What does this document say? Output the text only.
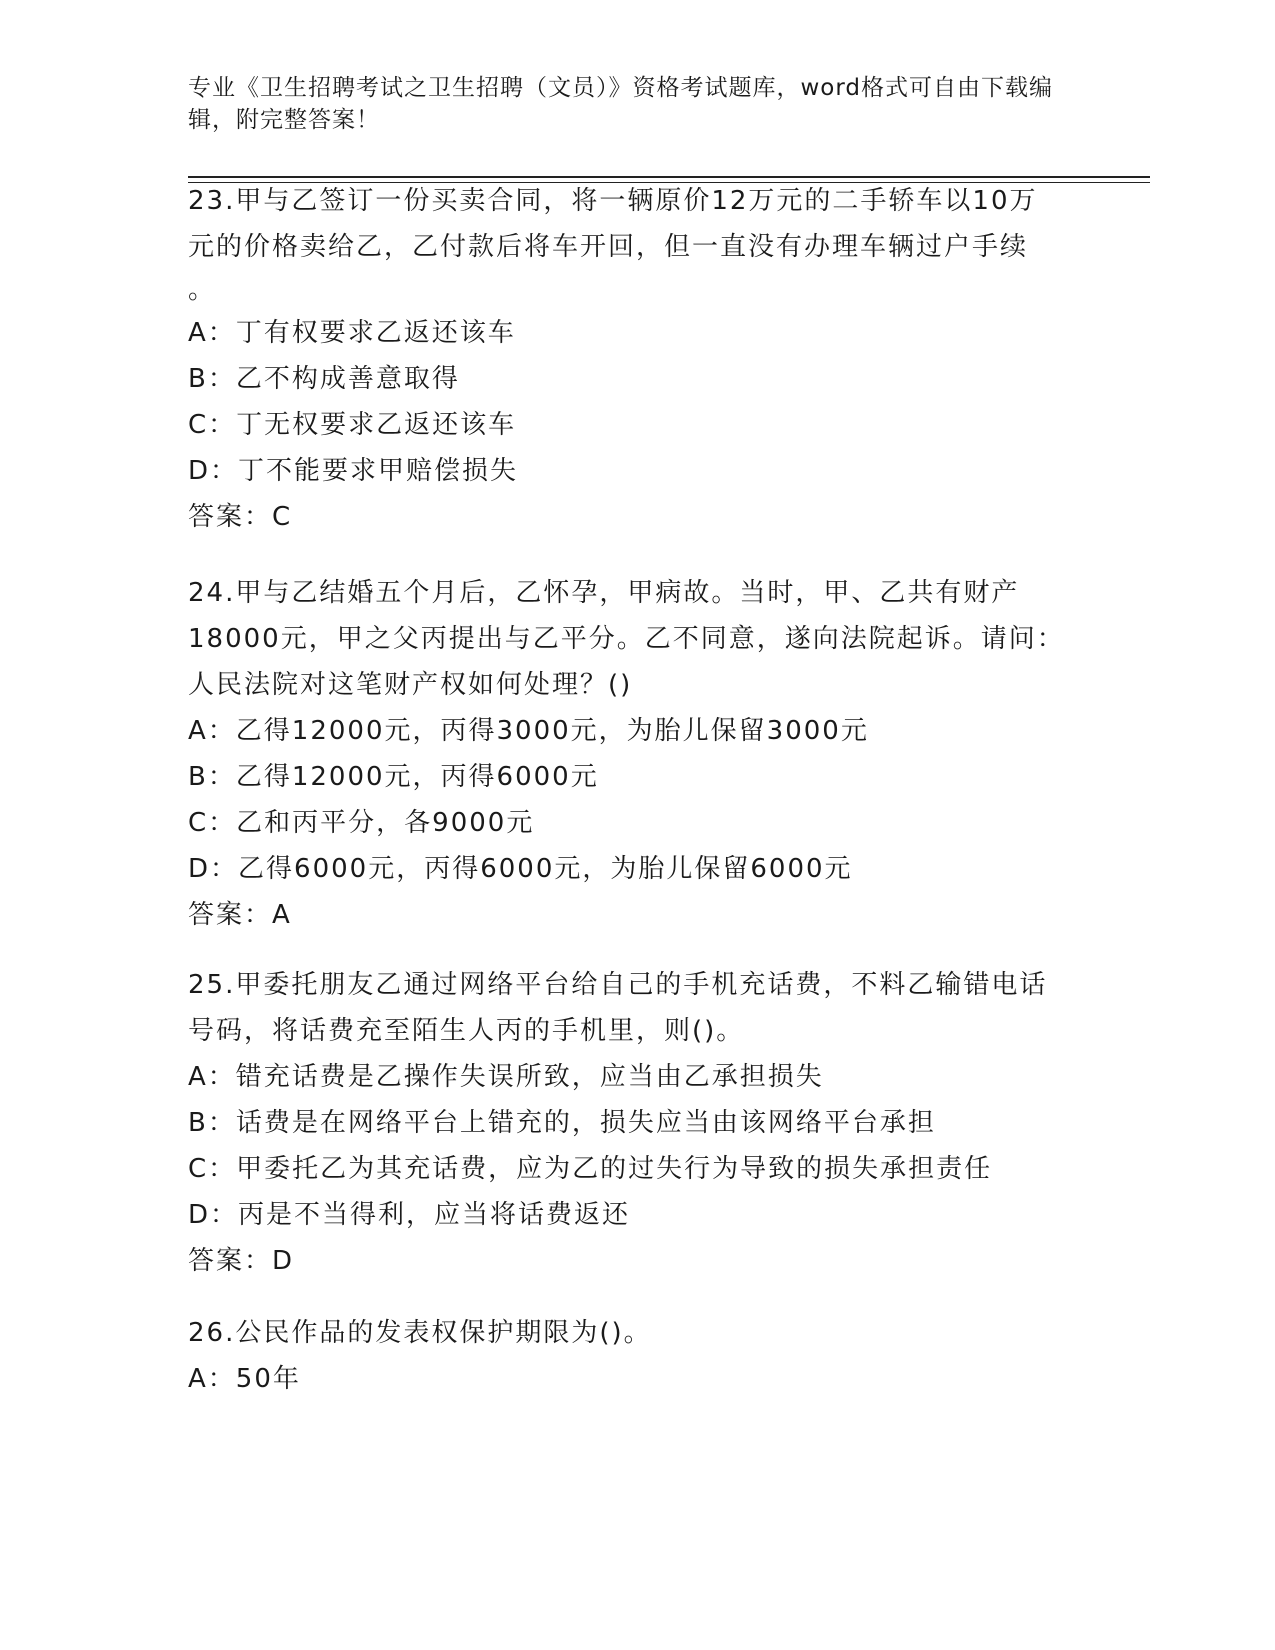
专业《卫生招聘考试之卫生招聘（文员）》资格考试题库，word格式可自由下载编辑，附完整答案！
23.甲与乙签订一份买卖合同，将一辆原价12万元的二手轿车以10万
元的价格卖给乙，乙付款后将车开回，但一直没有办理车辆过户手续
。
A：丁有权要求乙返还该车
B：乙不构成善意取得
C：丁无权要求乙返还该车
D：丁不能要求甲赔偿损失
答案：C
24.甲与乙结婚五个月后，乙怀孕，甲病故。当时，甲、乙共有财产
18000元，甲之父丙提出与乙平分。乙不同意，遂向法院起诉。请问：
人民法院对这笔财产权如何处理？()
A：乙得12000元，丙得3000元，为胎儿保留3000元
B：乙得12000元，丙得6000元
C：乙和丙平分，各9000元
D：乙得6000元，丙得6000元，为胎儿保留6000元
答案：A
25.甲委托朋友乙通过网络平台给自己的手机充话费，不料乙输错电话
号码，将话费充至陌生人丙的手机里，则()。
A：错充话费是乙操作失误所致，应当由乙承担损失
B：话费是在网络平台上错充的，损失应当由该网络平台承担
C：甲委托乙为其充话费，应为乙的过失行为导致的损失承担责任
D：丙是不当得利，应当将话费返还
答案：D
26.公民作品的发表权保护期限为()。
A：50年
